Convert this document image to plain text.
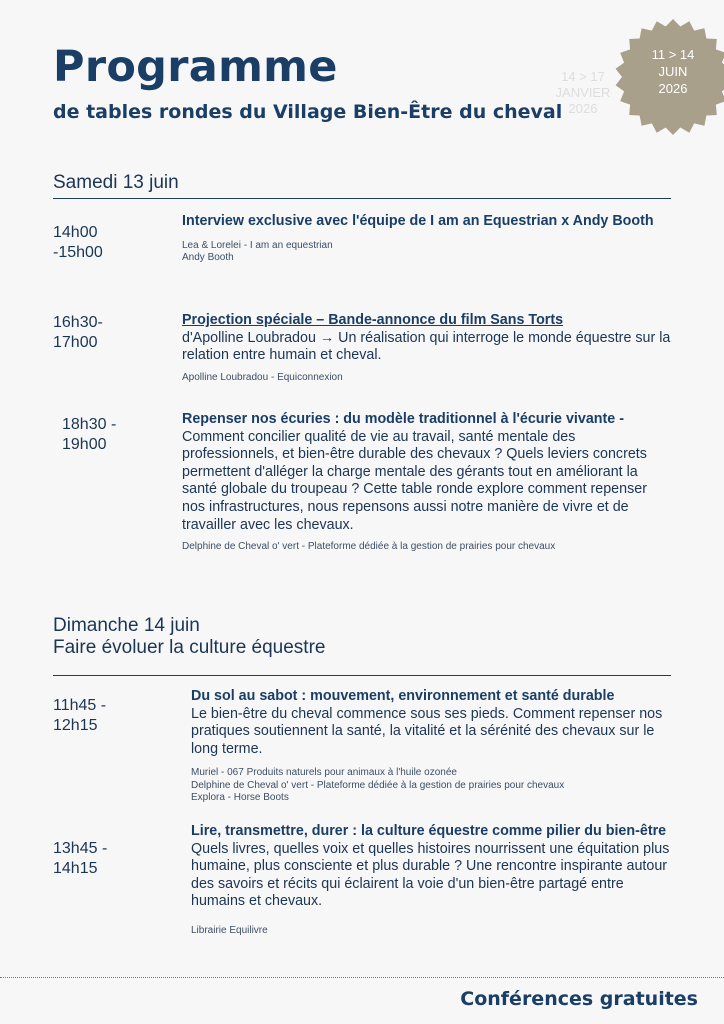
Programme
de tables rondes du Village Bien-Être du cheval
14 > 17
JANVIER
2026
11 > 14
JUIN
2026
Samedi 13 juin
14h00
-15h00
Interview exclusive avec l'équipe de I am an Equestrian x Andy Booth
Lea & Lorelei - I am an equestrian
Andy Booth
16h30-
17h00
Projection spéciale – Bande-annonce du film Sans Torts
d'Apolline Loubradou → Un réalisation qui interroge le monde équestre sur la relation entre humain et cheval.
Apolline Loubradou - Equiconnexion
18h30 -
19h00
Repenser nos écuries : du modèle traditionnel à l'écurie vivante - Comment concilier qualité de vie au travail, santé mentale des professionnels, et bien-être durable des chevaux ? Quels leviers concrets permettent d'alléger la charge mentale des gérants tout en améliorant la santé globale du troupeau ? Cette table ronde explore comment repenser nos infrastructures, nous repensons aussi notre manière de vivre et de travailler avec les chevaux.
Delphine de Cheval o' vert - Plateforme dédiée à la gestion de prairies pour chevaux
Dimanche 14 juin
Faire évoluer la culture équestre
11h45 -
12h15
Du sol au sabot : mouvement, environnement et santé durable
Le bien-être du cheval commence sous ses pieds. Comment repenser nos pratiques soutiennent la santé, la vitalité et la sérénité des chevaux sur le long terme.
Muriel - 067 Produits naturels pour animaux à l'huile ozonée
Delphine de Cheval o' vert - Plateforme dédiée à la gestion de prairies pour chevaux
Explora - Horse Boots
13h45 -
14h15
Lire, transmettre, durer : la culture équestre comme pilier du bien-être Quels livres, quelles voix et quelles histoires nourrissent une équitation plus humaine, plus consciente et plus durable ? Une rencontre inspirante autour des savoirs et récits qui éclairent la voie d'un bien-être partagé entre humains et chevaux.
Librairie Equilivre
Conférences gratuites
